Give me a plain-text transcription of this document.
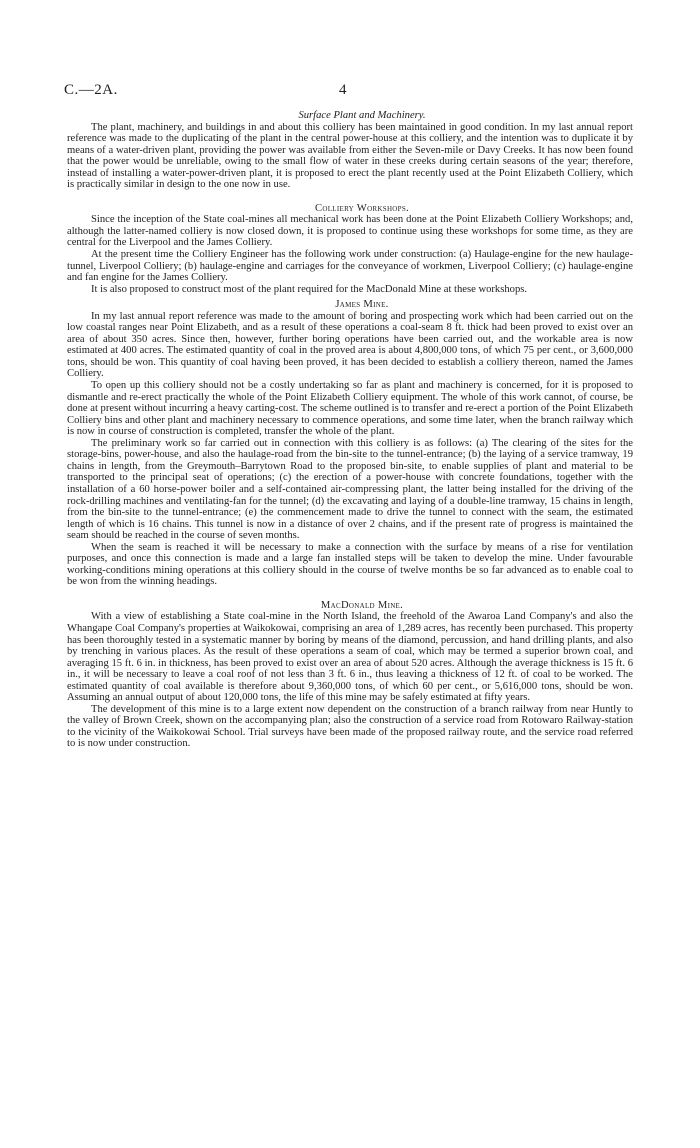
C.—2A.	4

Surface Plant and Machinery.

The plant, machinery, and buildings in and about this colliery has been maintained in good condition. In my last annual report reference was made to the duplicating of the plant in the central power-house at this colliery, and the intention was to duplicate it by means of a water-driven plant, providing the power was available from either the Seven-mile or Davy Creeks. It has now been found that the power would be unreliable, owing to the small flow of water in these creeks during certain seasons of the year; therefore, instead of installing a water-power-driven plant, it is proposed to erect the plant recently used at the Point Elizabeth Colliery, which is practically similar in design to the one now in use.

Colliery Workshops.

Since the inception of the State coal-mines all mechanical work has been done at the Point Elizabeth Colliery Workshops; and, although the latter-named colliery is now closed down, it is proposed to continue using these workshops for some time, as they are central for the Liverpool and the James Colliery.

At the present time the Colliery Engineer has the following work under construction: (a) Haulage-engine for the new haulage-tunnel, Liverpool Colliery; (b) haulage-engine and carriages for the conveyance of workmen, Liverpool Colliery; (c) haulage-engine and fan engine for the James Colliery.

It is also proposed to construct most of the plant required for the MacDonald Mine at these workshops.

James Mine.

In my last annual report reference was made to the amount of boring and prospecting work which had been carried out on the low coastal ranges near Point Elizabeth, and as a result of these operations a coal-seam 8 ft. thick had been proved to exist over an area of about 350 acres. Since then, however, further boring operations have been carried out, and the workable area is now estimated at 400 acres. The estimated quantity of coal in the proved area is about 4,800,000 tons, of which 75 per cent., or 3,600,000 tons, should be won. This quantity of coal having been proved, it has been decided to establish a colliery thereon, named the James Colliery.

To open up this colliery should not be a costly undertaking so far as plant and machinery is concerned, for it is proposed to dismantle and re-erect practically the whole of the Point Elizabeth Colliery equipment. The whole of this work cannot, of course, be done at present without incurring a heavy carting-cost. The scheme outlined is to transfer and re-erect a portion of the Point Elizabeth Colliery bins and other plant and machinery necessary to commence operations, and some time later, when the branch railway which is now in course of construction is completed, transfer the whole of the plant.

The preliminary work so far carried out in connection with this colliery is as follows: (a) The clearing of the sites for the storage-bins, power-house, and also the haulage-road from the bin-site to the tunnel-entrance; (b) the laying of a service tramway, 19 chains in length, from the Greymouth–Barrytown Road to the proposed bin-site, to enable supplies of plant and material to be transported to the principal seat of operations; (c) the erection of a power-house with concrete foundations, together with the installation of a 60 horse-power boiler and a self-contained air-compressing plant, the latter being installed for the driving of the rock-drilling machines and ventilating-fan for the tunnel; (d) the excavating and laying of a double-line tramway, 15 chains in length, from the bin-site to the tunnel-entrance; (e) the commencement made to drive the tunnel to connect with the seam, the estimated length of which is 16 chains. This tunnel is now in a distance of over 2 chains, and if the present rate of progress is maintained the seam should be reached in the course of seven months.

When the seam is reached it will be necessary to make a connection with the surface by means of a rise for ventilation purposes, and once this connection is made and a large fan installed steps will be taken to develop the mine. Under favourable working-conditions mining operations at this colliery should in the course of twelve months be so far advanced as to enable coal to be won from the winning headings.

MacDonald Mine.

With a view of establishing a State coal-mine in the North Island, the freehold of the Awaroa Land Company's and also the Whangape Coal Company's properties at Waikokowai, comprising an area of 1,289 acres, has recently been purchased. This property has been thoroughly tested in a systematic manner by boring by means of the diamond, percussion, and hand drilling plants, and also by trenching in various places. As the result of these operations a seam of coal, which may be termed a superior brown coal, and averaging 15 ft. 6 in. in thickness, has been proved to exist over an area of about 520 acres. Although the average thickness is 15 ft. 6 in., it will be necessary to leave a coal roof of not less than 3 ft. 6 in., thus leaving a thickness of 12 ft. of coal to be worked. The estimated quantity of coal available is therefore about 9,360,000 tons, of which 60 per cent., or 5,616,000 tons, should be won. Assuming an annual output of about 120,000 tons, the life of this mine may be safely estimated at fifty years.

The development of this mine is to a large extent now dependent on the construction of a branch railway from near Huntly to the valley of Brown Creek, shown on the accompanying plan; also the construction of a service road from Rotowaro Railway-station to the vicinity of the Waikokowai School. Trial surveys have been made of the proposed railway route, and the service road referred to is now under construction.
